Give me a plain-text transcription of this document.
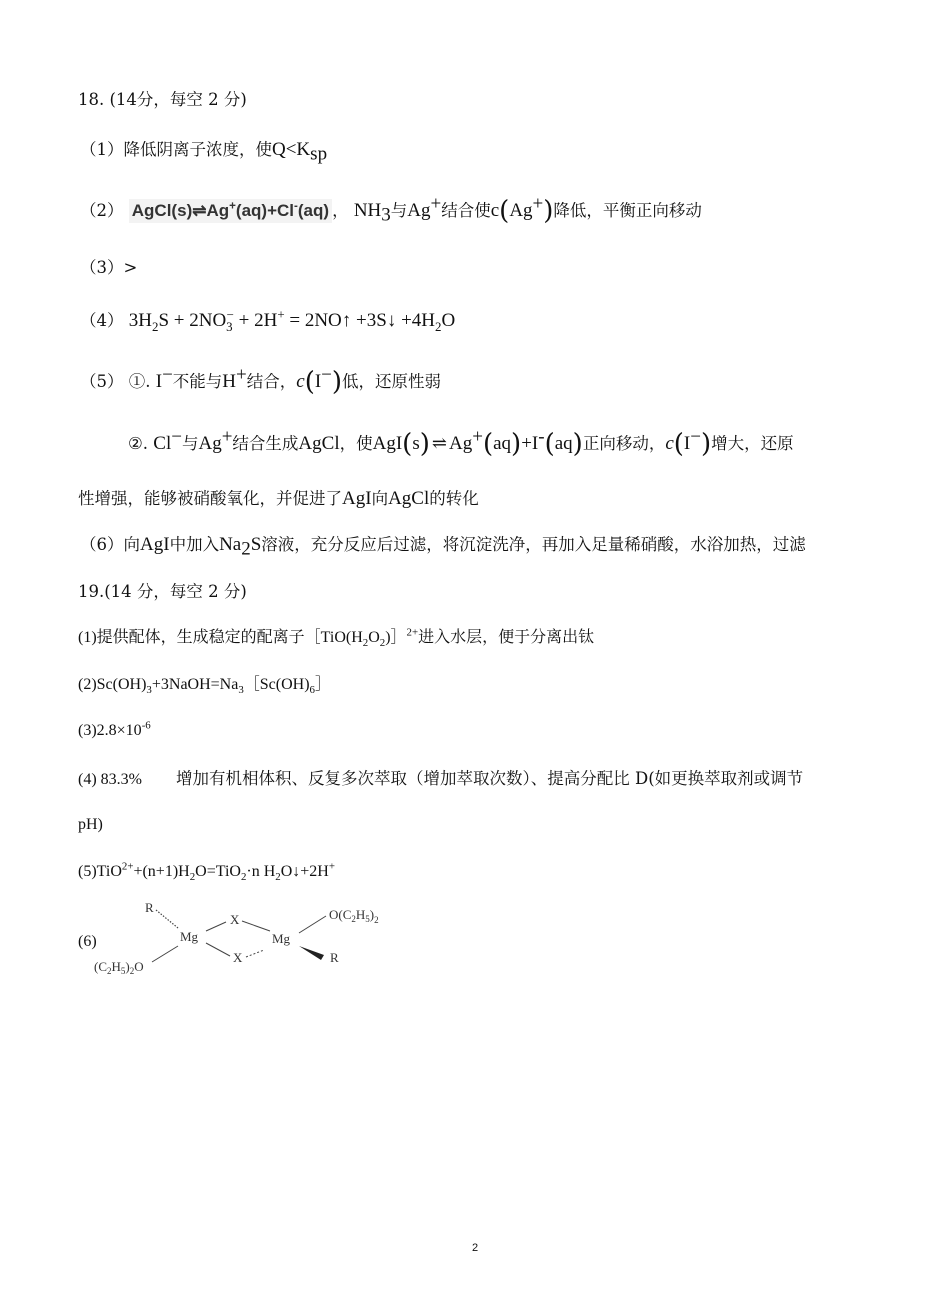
18. (14分，每空 2 分)
（1）降低阴离子浓度，使$Q<K_{sp}$
（2） AgCl(s)⇌Ag+(aq)+Cl-(aq) ， $NH_3$与Ag+结合使c(Ag+)降低，平衡正向移动
（3）>
（4） $3H_2S + 2NO_3^- + 2H^+$ = 2NO↑ +3S↓ $+4H_2O$
（5） ①. I−不能与H+结合，c(I−)低，还原性弱
②. Cl−与Ag+结合生成AgCl，使AgI(s) ⇌ Ag+(aq)+I-(aq)正向移动，c(I−)增大，还原
性增强，能够被硝酸氧化，并促进了AgI向AgCl的转化
（6）向AgI中加入$Na_2S$溶液，充分反应后过滤，将沉淀洗净，再加入足量稀硝酸，水浴加热，过滤
19.(14 分，每空 2 分)
(1)提供配体，生成稳定的配离子$[TiO(H_2O_2)]^{2+}$进入水层，便于分离出钛
$(2)Sc(OH)_3+3NaOH=Na_3[Sc(OH)_6]$
$(3)2.8\times 10^{-6}$
(4) 83.3% 增加有机相体积、反复多次萃取（增加萃取次数）、提高分配比 D(如更换萃取剂或调节
pH)
$(5)TiO^{2+}+(n+1)H_2O=TiO_2\cdot n$ $H_2O↓+2H^+$
(6)
R
Mg
X
X
Mg
$O(C_2H_5)_2$
R
$(C_2H_5)_2O$
2
